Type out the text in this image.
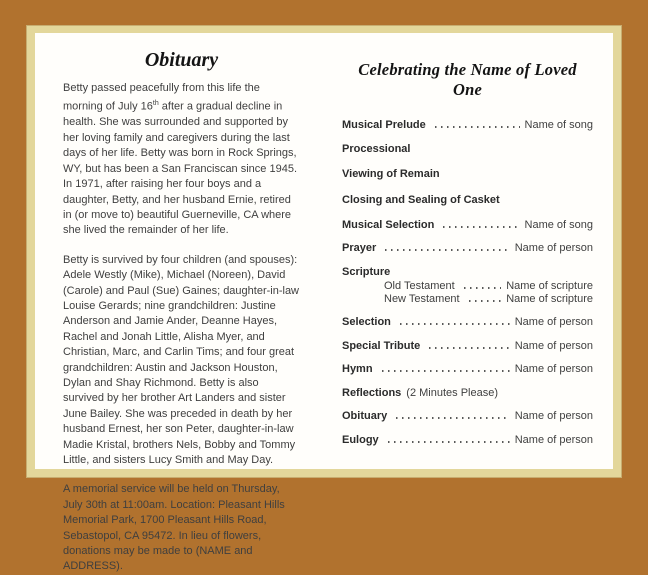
Obituary

Betty passed peacefully from this life the morning of July 16th after a gradual decline in health. She was surrounded and supported by her loving family and caregivers during the last days of her life. Betty was born in Rock Springs, WY, but has been a San Franciscan since 1945. In 1971, after raising her four boys and a daughter, Betty, and her husband Ernie, retired in (or move to) beautiful Guerneville, CA where she lived the remainder of her life.

Betty is survived by four children (and spouses): Adele Westly (Mike), Michael (Noreen), David (Carole) and Paul (Sue) Gaines; daughter-in-law Louise Gerards; nine grandchildren: Justine Anderson and Jamie Ander, Deanne Hayes, Rachel and Jonah Little, Alisha Myer, and Christian, Marc, and Carlin Tims; and four great grandchildren: Austin and Jackson Houston, Dylan and Shay Richmond. Betty is also survived by her brother Art Landers and sister June Bailey. She was preceded in death by her husband Ernest, her son Peter, daughter-in-law Madie Kristal, brothers Nels, Bobby and Tommy Little, and sisters Lucy Smith and May Day.

A memorial service will be held on Thursday, July 30th at 11:00am. Location: Pleasant Hills Memorial Park, 1700 Pleasant Hills Road, Sebastopol, CA 95472. In lieu of flowers, donations may be made to (NAME and ADDRESS).

Celebrating the Name of Loved One
Musical Prelude	Name of song
Processional
Viewing of Remain
Closing and Sealing of Casket
Musical Selection	Name of song
Prayer	Name of person
Scripture
Old Testament	Name of scripture
New Testament	Name of scripture
Selection	Name of person
Special Tribute	Name of person
Hymn	Name of person
Reflections (2 Minutes Please)
Obituary	Name of person
Eulogy	Name of person
